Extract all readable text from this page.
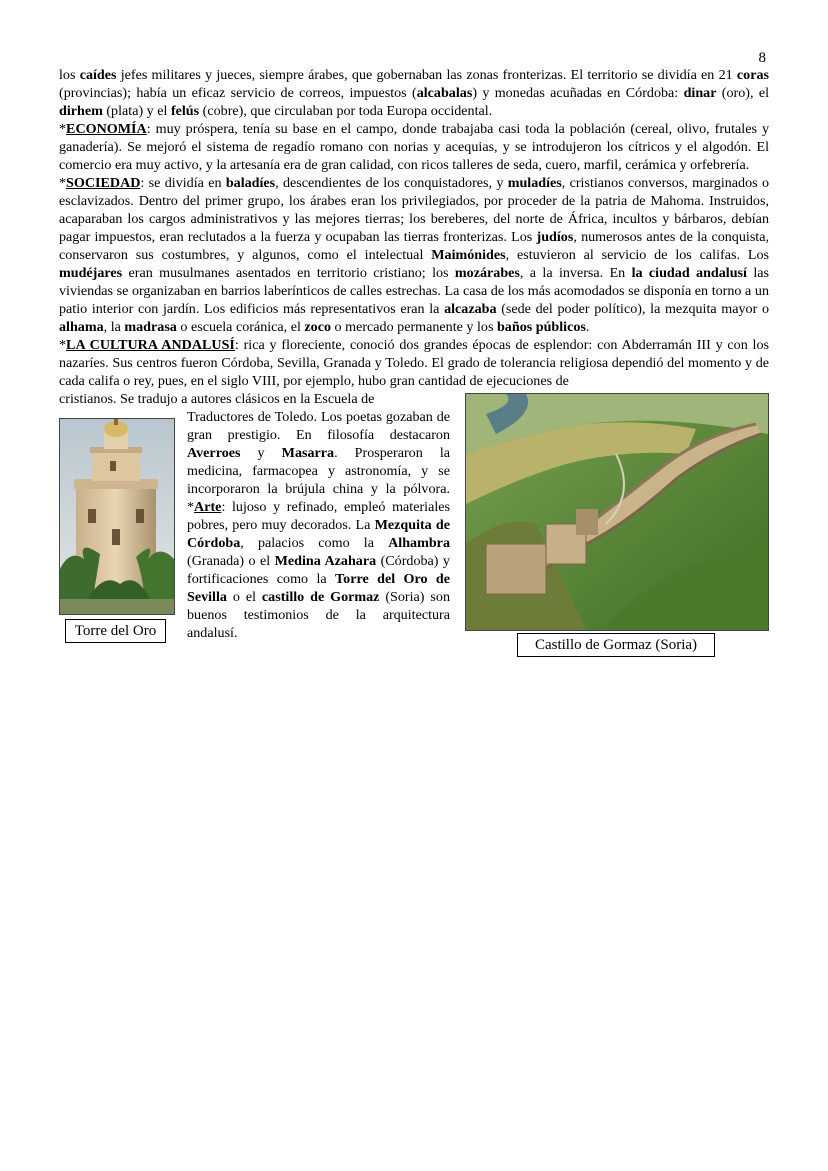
8

los caídes jefes militares y jueces, siempre árabes, que gobernaban las zonas fronterizas. El territorio se dividía en 21 coras (provincias); había un eficaz servicio de correos, impuestos (alcabalas) y monedas acuñadas en Córdoba: dinar (oro), el dirhem (plata) y el felús (cobre), que circulaban por toda Europa occidental.

*ECONOMÍA: muy próspera, tenía su base en el campo, donde trabajaba casi toda la población (cereal, olivo, frutales y ganadería). Se mejoró el sistema de regadío romano con norias y acequias, y se introdujeron los cítricos y el algodón. El comercio era muy activo, y la artesanía era de gran calidad, con ricos talleres de seda, cuero, marfil, cerámica y orfebrería.

*SOCIEDAD: se dividía en baladíes, descendientes de los conquistadores, y muladíes, cristianos conversos, marginados o esclavizados. Dentro del primer grupo, los árabes eran los privilegiados, por proceder de la patria de Mahoma. Instruidos, acaparaban los cargos administrativos y las mejores tierras; los bereberes, del norte de África, incultos y bárbaros, debían pagar impuestos, eran reclutados a la fuerza y ocupaban las tierras fronterizas. Los judíos, numerosos antes de la conquista, conservaron sus costumbres, y algunos, como el intelectual Maimónides, estuvieron al servicio de los califas. Los mudéjares eran musulmanes asentados en territorio cristiano; los mozárabes, a la inversa. En la ciudad andalusí las viviendas se organizaban en barrios laberínticos de calles estrechas. La casa de los más acomodados se disponía en torno a un patio interior con jardín. Los edificios más representativos eran la alcazaba (sede del poder político), la mezquita mayor o alhama, la madrasa o escuela coránica, el zoco o mercado permanente y los baños públicos.

*LA CULTURA ANDALUSÍ: rica y floreciente, conoció dos grandes épocas de esplendor: con Abderramán III y con los nazaríes. Sus centros fueron Córdoba, Sevilla, Granada y Toledo. El grado de tolerancia religiosa dependió del momento y de cada califa o rey, pues, en el siglo VIII, por ejemplo, hubo gran cantidad de ejecuciones de

cristianos. Se tradujo a autores clásicos en la Escuela de
Torre del Oro
Traductores de Toledo. Los poetas gozaban de gran prestigio. En filosofía destacaron Averroes y Masarra. Prosperaron la medicina, farmacopea y astronomía, y se incorporaron la brújula china y la pólvora. *Arte: lujoso y refinado, empleó materiales pobres, pero muy decorados. La Mezquita de Córdoba, palacios como la Alhambra (Granada) o el Medina Azahara (Córdoba) y fortificaciones como la Torre del Oro de Sevilla o el castillo de Gormaz (Soria) son buenos testimonios de la arquitectura andalusí.
Castillo de Gormaz (Soria)
